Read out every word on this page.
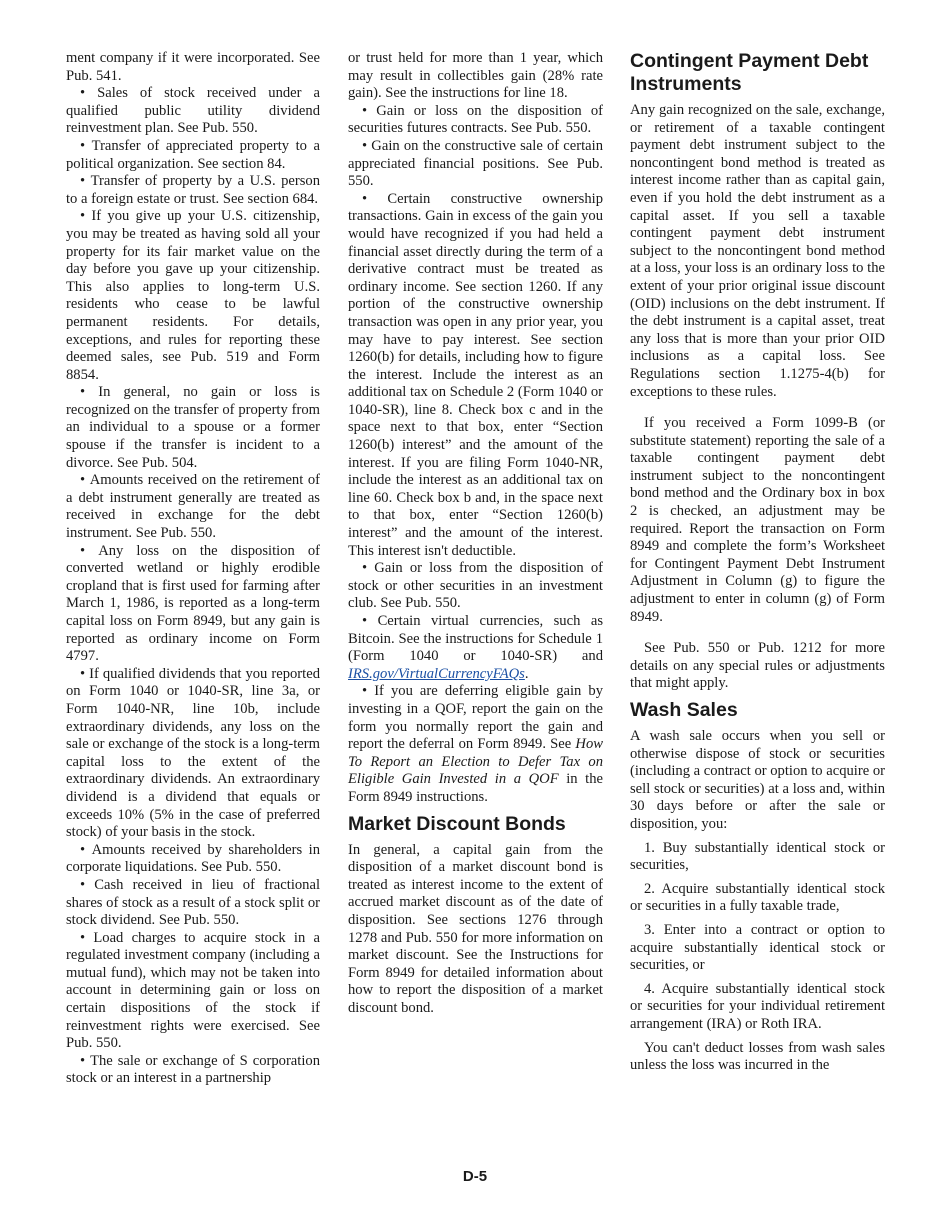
ment company if it were incorporated. See Pub. 541.

• Sales of stock received under a qualified public utility dividend reinvestment plan. See Pub. 550.

• Transfer of appreciated property to a political organization. See section 84.

• Transfer of property by a U.S. person to a foreign estate or trust. See section 684.

• If you give up your U.S. citizenship, you may be treated as having sold all your property for its fair market value on the day before you gave up your citizenship. This also applies to long-term U.S. residents who cease to be lawful permanent residents. For details, exceptions, and rules for reporting these deemed sales, see Pub. 519 and Form 8854.

• In general, no gain or loss is recognized on the transfer of property from an individual to a spouse or a former spouse if the transfer is incident to a divorce. See Pub. 504.

• Amounts received on the retirement of a debt instrument generally are treated as received in exchange for the debt instrument. See Pub. 550.

• Any loss on the disposition of converted wetland or highly erodible cropland that is first used for farming after March 1, 1986, is reported as a long-term capital loss on Form 8949, but any gain is reported as ordinary income on Form 4797.

• If qualified dividends that you reported on Form 1040 or 1040-SR, line 3a, or Form 1040-NR, line 10b, include extraordinary dividends, any loss on the sale or exchange of the stock is a long-term capital loss to the extent of the extraordinary dividends. An extraordinary dividend is a dividend that equals or exceeds 10% (5% in the case of preferred stock) of your basis in the stock.

• Amounts received by shareholders in corporate liquidations. See Pub. 550.

• Cash received in lieu of fractional shares of stock as a result of a stock split or stock dividend. See Pub. 550.

• Load charges to acquire stock in a regulated investment company (including a mutual fund), which may not be taken into account in determining gain or loss on certain dispositions of the stock if reinvestment rights were exercised. See Pub. 550.

• The sale or exchange of S corporation stock or an interest in a partnership

or trust held for more than 1 year, which may result in collectibles gain (28% rate gain). See the instructions for line 18.

• Gain or loss on the disposition of securities futures contracts. See Pub. 550.

• Gain on the constructive sale of certain appreciated financial positions. See Pub. 550.

• Certain constructive ownership transactions. Gain in excess of the gain you would have recognized if you had held a financial asset directly during the term of a derivative contract must be treated as ordinary income. See section 1260. If any portion of the constructive ownership transaction was open in any prior year, you may have to pay interest. See section 1260(b) for details, including how to figure the interest. Include the interest as an additional tax on Schedule 2 (Form 1040 or 1040-SR), line 8. Check box c and in the space next to that box, enter “Section 1260(b) interest” and the amount of the interest. If you are filing Form 1040-NR, include the interest as an additional tax on line 60. Check box b and, in the space next to that box, enter “Section 1260(b) interest” and the amount of the interest. This interest isn't deductible.

• Gain or loss from the disposition of stock or other securities in an investment club. See Pub. 550.

• Certain virtual currencies, such as Bitcoin. See the instructions for Schedule 1 (Form 1040 or 1040-SR) and IRS.gov/VirtualCurrencyFAQs.

• If you are deferring eligible gain by investing in a QOF, report the gain on the form you normally report the gain and report the deferral on Form 8949. See How To Report an Election to Defer Tax on Eligible Gain Invested in a QOF in the Form 8949 instructions.

Market Discount Bonds

In general, a capital gain from the disposition of a market discount bond is treated as interest income to the extent of accrued market discount as of the date of disposition. See sections 1276 through 1278 and Pub. 550 for more information on market discount. See the Instructions for Form 8949 for detailed information about how to report the disposition of a market discount bond.

Contingent Payment Debt Instruments

Any gain recognized on the sale, exchange, or retirement of a taxable contingent payment debt instrument subject to the noncontingent bond method is treated as interest income rather than as capital gain, even if you hold the debt instrument as a capital asset. If you sell a taxable contingent payment debt instrument subject to the noncontingent bond method at a loss, your loss is an ordinary loss to the extent of your prior original issue discount (OID) inclusions on the debt instrument. If the debt instrument is a capital asset, treat any loss that is more than your prior OID inclusions as a capital loss. See Regulations section 1.1275-4(b) for exceptions to these rules.

If you received a Form 1099-B (or substitute statement) reporting the sale of a taxable contingent payment debt instrument subject to the noncontingent bond method and the Ordinary box in box 2 is checked, an adjustment may be required. Report the transaction on Form 8949 and complete the form’s Worksheet for Contingent Payment Debt Instrument Adjustment in Column (g) to figure the adjustment to enter in column (g) of Form 8949.

See Pub. 550 or Pub. 1212 for more details on any special rules or adjustments that might apply.

Wash Sales

A wash sale occurs when you sell or otherwise dispose of stock or securities (including a contract or option to acquire or sell stock or securities) at a loss and, within 30 days before or after the sale or disposition, you:

1. Buy substantially identical stock or securities,

2. Acquire substantially identical stock or securities in a fully taxable trade,

3. Enter into a contract or option to acquire substantially identical stock or securities, or

4. Acquire substantially identical stock or securities for your individual retirement arrangement (IRA) or Roth IRA.

You can't deduct losses from wash sales unless the loss was incurred in the

D-5
